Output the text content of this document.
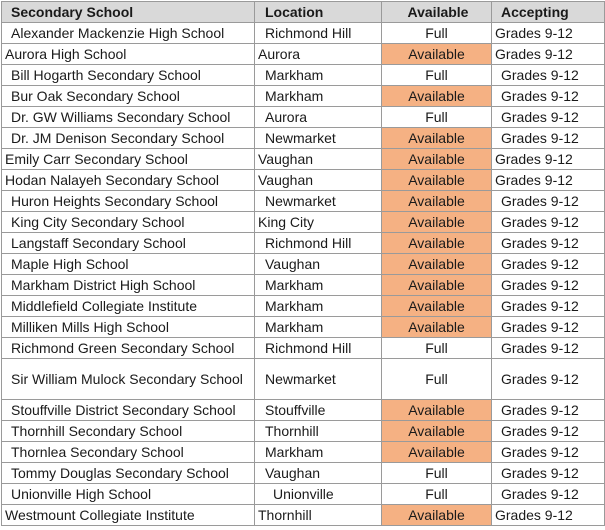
Secondary School	Location	Available	Accepting
Alexander Mackenzie High School	Richmond Hill	Full	Grades 9-12
Aurora High School	Aurora	Available	Grades 9-12
Bill Hogarth Secondary School	Markham	Full	Grades 9-12
Bur Oak Secondary School	Markham	Available	Grades 9-12
Dr. GW Williams Secondary School	Aurora	Full	Grades 9-12
Dr. JM Denison Secondary School	Newmarket	Available	Grades 9-12
Emily Carr Secondary School	Vaughan	Available	Grades 9-12
Hodan Nalayeh Secondary School	Vaughan	Available	Grades 9-12
Huron Heights Secondary School	Newmarket	Available	Grades 9-12
King City Secondary School	King City	Available	Grades 9-12
Langstaff Secondary School	Richmond Hill	Available	Grades 9-12
Maple High School	Vaughan	Available	Grades 9-12
Markham District High School	Markham	Available	Grades 9-12
Middlefield Collegiate Institute	Markham	Available	Grades 9-12
Milliken Mills High School	Markham	Available	Grades 9-12
Richmond Green Secondary School	Richmond Hill	Full	Grades 9-12
Sir William Mulock Secondary School	Newmarket	Full	Grades 9-12
Stouffville District Secondary School	Stouffville	Available	Grades 9-12
Thornhill Secondary School	Thornhill	Available	Grades 9-12
Thornlea Secondary School	Markham	Available	Grades 9-12
Tommy Douglas Secondary School	Vaughan	Full	Grades 9-12
Unionville High School	Unionville	Full	Grades 9-12
Westmount Collegiate Institute	Thornhill	Available	Grades 9-12
